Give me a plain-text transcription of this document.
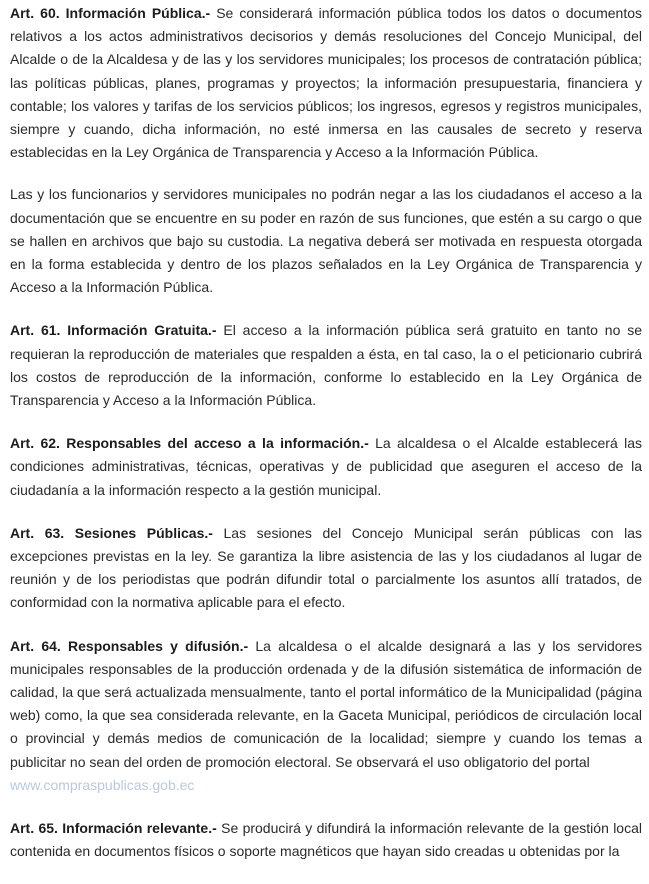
Art. 60. Información Pública.- Se considerará información pública todos los datos o documentos relativos a los actos administrativos decisorios y demás resoluciones del Concejo Municipal, del Alcalde o de la Alcaldesa y de las y los servidores municipales; los procesos de contratación pública; las políticas públicas, planes, programas y proyectos; la información presupuestaria, financiera y contable; los valores y tarifas de los servicios públicos; los ingresos, egresos y registros municipales, siempre y cuando, dicha información, no esté inmersa en las causales de secreto y reserva establecidas en la Ley Orgánica de Transparencia y Acceso a la Información Pública.

Las y los funcionarios y servidores municipales no podrán negar a las los ciudadanos el acceso a la documentación que se encuentre en su poder en razón de sus funciones, que estén a su cargo o que se hallen en archivos que bajo su custodia. La negativa deberá ser motivada en respuesta otorgada en la forma establecida y dentro de los plazos señalados en la Ley Orgánica de Transparencia y Acceso a la Información Pública.

Art. 61. Información Gratuita.- El acceso a la información pública será gratuito en tanto no se requieran la reproducción de materiales que respalden a ésta, en tal caso, la o el peticionario cubrirá los costos de reproducción de la información, conforme lo establecido en la Ley Orgánica de Transparencia y Acceso a la Información Pública.

Art. 62. Responsables del acceso a la información.- La alcaldesa o el Alcalde establecerá las condiciones administrativas, técnicas, operativas y de publicidad que aseguren el acceso de la ciudadanía a la información respecto a la gestión municipal.

Art. 63. Sesiones Públicas.- Las sesiones del Concejo Municipal serán públicas con las excepciones previstas en la ley. Se garantiza la libre asistencia de las y los ciudadanos al lugar de reunión y de los periodistas que podrán difundir total o parcialmente los asuntos allí tratados, de conformidad con la normativa aplicable para el efecto.

Art. 64. Responsables y difusión.- La alcaldesa o el alcalde designará a las y los servidores municipales responsables de la producción ordenada y de la difusión sistemática de información de calidad, la que será actualizada mensualmente, tanto el portal informático de la Municipalidad (página web) como, la que sea considerada relevante, en la Gaceta Municipal, periódicos de circulación local o provincial y demás medios de comunicación de la localidad; siempre y cuando los temas a publicitar no sean del orden de promoción electoral. Se observará el uso obligatorio del portal

www.compraspublicas.gob.ec

Art. 65. Información relevante.- Se producirá y difundirá la información relevante de la gestión local contenida en documentos físicos o soporte magnéticos que hayan sido creadas u obtenidas por la
